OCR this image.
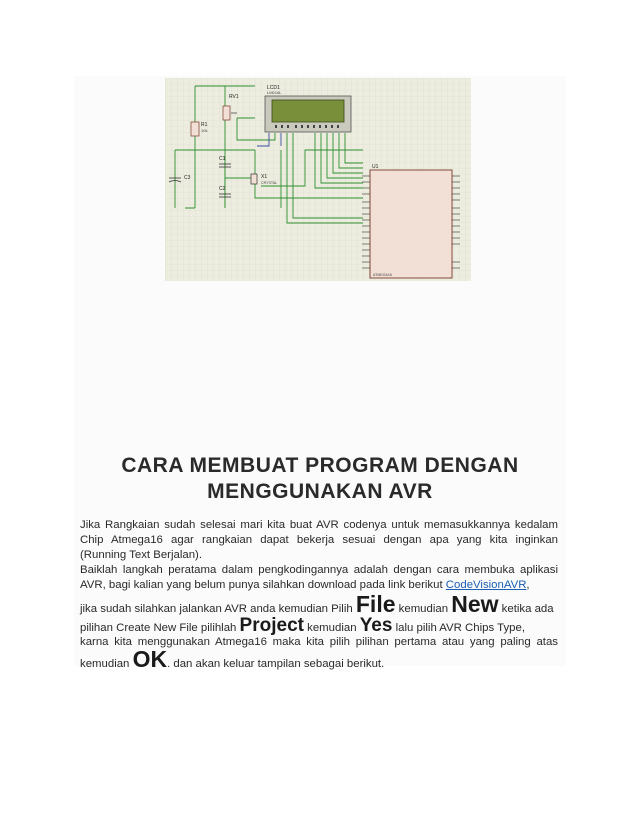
LCD1
LM016L
U1
ATMEGA16
R1
10k
RV1
C1
C2
C3	X1
CRYSTAL
CARA MEMBUAT PROGRAM DENGAN
MENGGUNAKAN AVR
Jika Rangkaian sudah selesai mari kita buat AVR codenya untuk memasukkannya kedalam
Chip Atmega16 agar rangkaian dapat bekerja sesuai dengan apa yang kita inginkan
(Running Text Berjalan).
Baiklah langkah peratama dalam pengkodingannya adalah dengan cara membuka aplikasi
AVR, bagi kalian yang belum punya silahkan download pada link berikut CodeVisionAVR,
jika sudah silahkan jalankan AVR anda kemudian Pilih File kemudian New ketika ada
pilihan Create New File pilihlah Project kemudian Yes lalu pilih AVR Chips Type,
karna kita menggunakan Atmega16 maka kita pilih pilihan pertama atau yang paling atas
kemudian OK. dan akan keluar tampilan sebagai berikut.
